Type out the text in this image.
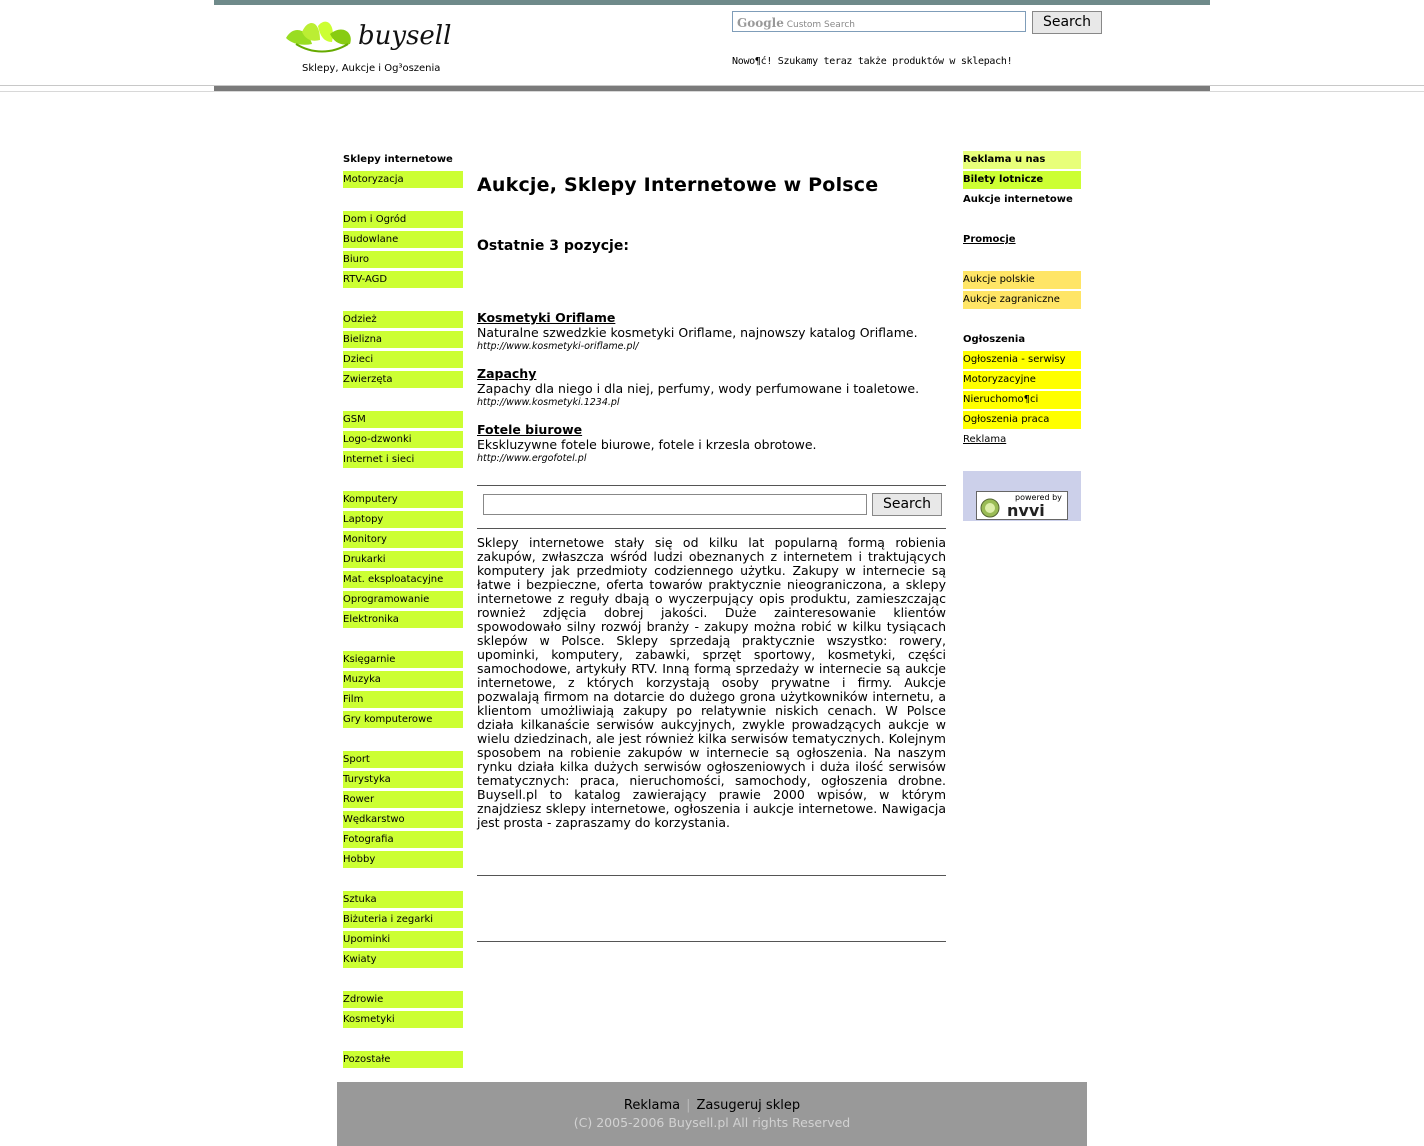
buysell
Sklepy, Aukcje i Og³oszenia
Google Custom Search	Search
Nowo¶ć! Szukamy teraz także produktów w sklepach!
Sklepy internetowe
Motoryzacja
Dom i Ogród
Budowlane
Biuro
RTV-AGD
Odzież
Bielizna
Dzieci
Zwierzęta
GSM
Logo-dzwonki
Internet i sieci
Komputery
Laptopy
Monitory
Drukarki
Mat. eksploatacyjne
Oprogramowanie
Elektronika
Księgarnie
Muzyka
Film
Gry komputerowe
Sport
Turystyka
Rower
Wędkarstwo
Fotografia
Hobby
Sztuka
Biżuteria i zegarki
Upominki
Kwiaty
Zdrowie
Kosmetyki
Pozostałe
Aukcje, Sklepy Internetowe w Polsce
Ostatnie 3 pozycje:
Kosmetyki Oriflame
Naturalne szwedzkie kosmetyki Oriflame, najnowszy katalog Oriflame.
http://www.kosmetyki-oriflame.pl/
Zapachy
Zapachy dla niego i dla niej, perfumy, wody perfumowane i toaletowe.
http://www.kosmetyki.1234.pl
Fotele biurowe
Ekskluzywne fotele biurowe, fotele i krzesla obrotowe.
http://www.ergofotel.pl
Search
Sklepy internetowe stały się od kilku lat popularną formą robienia zakupów, zwłaszcza wśród ludzi obeznanych z internetem i traktujących komputery jak przedmioty codziennego użytku. Zakupy w internecie są łatwe i bezpieczne, oferta towarów praktycznie nieograniczona, a sklepy internetowe z reguły dbają o wyczerpujący opis produktu, zamieszczając rownież zdjęcia dobrej jakości. Duże zainteresowanie klientów spowodowało silny rozwój branży - zakupy można robić w kilku tysiącach sklepów w Polsce. Sklepy sprzedają praktycznie wszystko: rowery, upominki, komputery, zabawki, sprzęt sportowy, kosmetyki, części samochodowe, artykuły RTV. Inną formą sprzedaży w internecie są aukcje internetowe, z których korzystają osoby prywatne i firmy. Aukcje pozwalają firmom na dotarcie do dużego grona użytkowników internetu, a klientom umożliwiają zakupy po relatywnie niskich cenach. W Polsce działa kilkanaście serwisów aukcyjnych, zwykle prowadzących aukcje w wielu dziedzinach, ale jest również kilka serwisów tematycznych. Kolejnym sposobem na robienie zakupów w internecie są ogłoszenia. Na naszym rynku działa kilka dużych serwisów ogłoszeniowych i duża ilość serwisów tematycznych: praca, nieruchomości, samochody, ogłoszenia drobne. Buysell.pl to katalog zawierający prawie 2000 wpisów, w którym znajdziesz sklepy internetowe, ogłoszenia i aukcje internetowe. Nawigacja jest prosta - zapraszamy do korzystania.
Reklama u nas
Bilety lotnicze
Aukcje internetowe
Promocje
Aukcje polskie
Aukcje zagraniczne
Ogłoszenia
Ogłoszenia - serwisy
Motoryzacyjne
Nieruchomo¶ci
Ogłoszenia praca
Reklama
powered by
nvvi
Reklama | Zasugeruj sklep
(C) 2005-2006 Buysell.pl All rights Reserved
